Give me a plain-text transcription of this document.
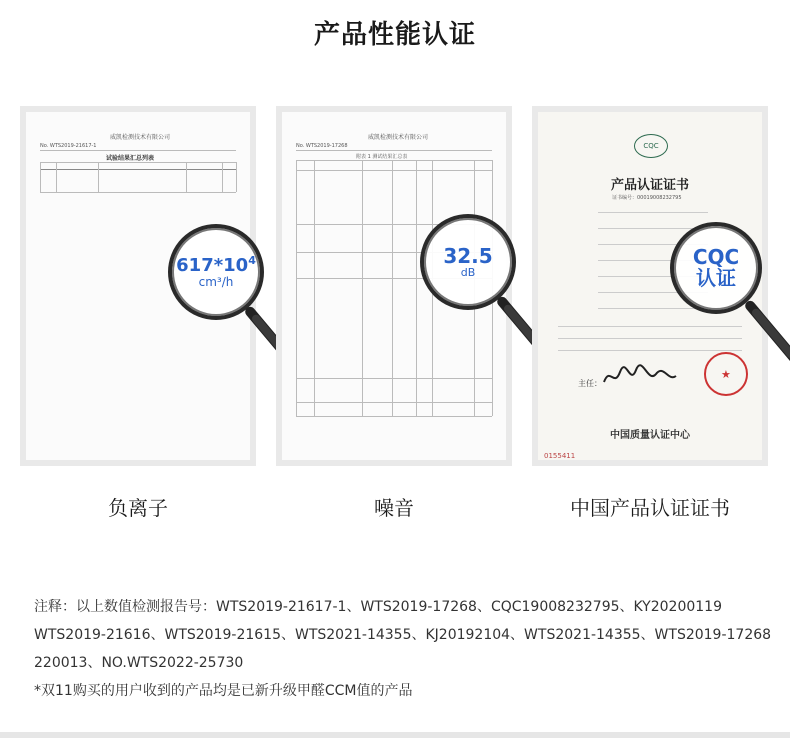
产品性能认证
威凯检测技术有限公司
No. WTS2019-21617-1
试验结果汇总列表
$617*10^4$
cm³/h
威凯检测技术有限公司
No. WTS2019-17268
附表 1 测试结果汇总表
32.5
dB
CQC
产品认证证书
证书编号：00019008232795
主任：
★
中国质量认证中心
0155411
CQC
认证
负离子	噪音	中国产品认证证书
注释：以上数值检测报告号：WTS2019-21617-1、WTS2019-17268、CQC19008232795、KY20200119
WTS2019-21616、WTS2019-21615、WTS2021-14355、KJ20192104、WTS2021-14355、WTS2019-17268
220013、NO.WTS2022-25730
*双11购买的用户收到的产品均是已新升级甲醛CCM值的产品
